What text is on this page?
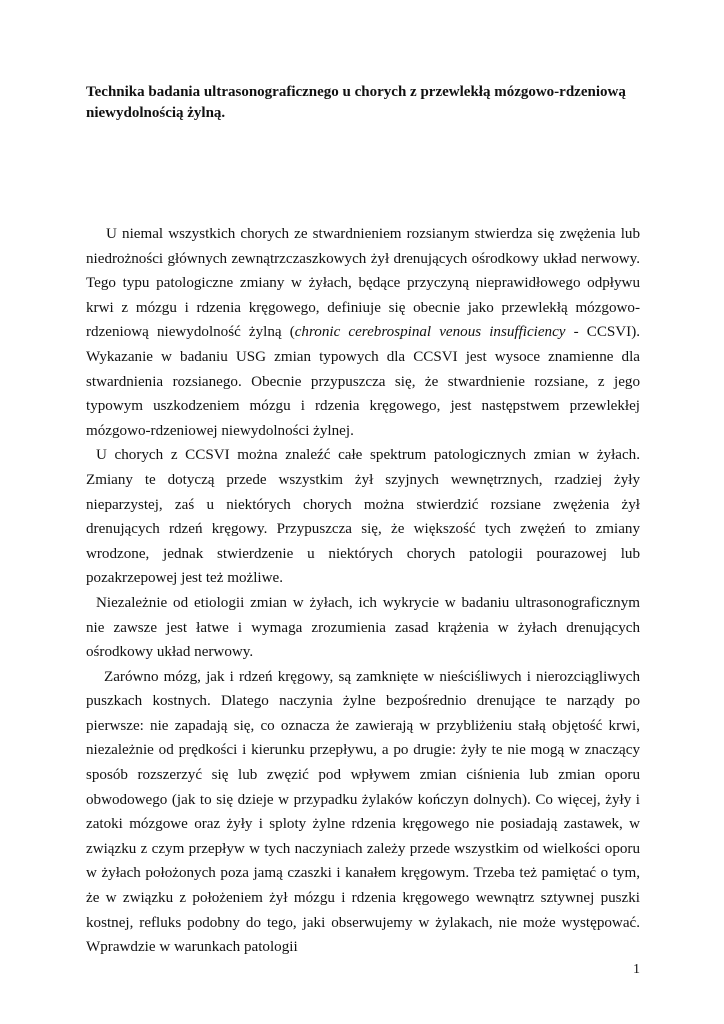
Technika badania ultrasonograficznego u chorych z przewlekłą mózgowo-rdzeniową niewydolnością żylną.

U niemal wszystkich chorych ze stwardnieniem rozsianym stwierdza się zwężenia lub niedrożności głównych zewnątrzczaszkowych żył drenujących ośrodkowy układ nerwowy. Tego typu patologiczne zmiany w żyłach, będące przyczyną nieprawidłowego odpływu krwi z mózgu i rdzenia kręgowego, definiuje się obecnie jako przewlekłą mózgowo-rdzeniową niewydolność żylną (chronic cerebrospinal venous insufficiency - CCSVI). Wykazanie w badaniu USG zmian typowych dla CCSVI jest wysoce znamienne dla stwardnienia rozsianego. Obecnie przypuszcza się, że stwardnienie rozsiane, z jego typowym uszkodzeniem mózgu i rdzenia kręgowego, jest następstwem przewlekłej mózgowo-rdzeniowej niewydolności żylnej.

U chorych z CCSVI można znaleźć całe spektrum patologicznych zmian w żyłach. Zmiany te dotyczą przede wszystkim żył szyjnych wewnętrznych, rzadziej żyły nieparzystej, zaś u niektórych chorych można stwierdzić rozsiane zwężenia żył drenujących rdzeń kręgowy. Przypuszcza się, że większość tych zwężeń to zmiany wrodzone, jednak stwierdzenie u niektórych chorych patologii pourazowej lub pozakrzepowej jest też możliwe.

Niezależnie od etiologii zmian w żyłach, ich wykrycie w badaniu ultrasonograficznym nie zawsze jest łatwe i wymaga zrozumienia zasad krążenia w żyłach drenujących ośrodkowy układ nerwowy.

Zarówno mózg, jak i rdzeń kręgowy, są zamknięte w nieściśliwych i nierozciągliwych puszkach kostnych. Dlatego naczynia żylne bezpośrednio drenujące te narządy po pierwsze: nie zapadają się, co oznacza że zawierają w przybliżeniu stałą objętość krwi, niezależnie od prędkości i kierunku przepływu, a po drugie: żyły te nie mogą w znaczący sposób rozszerzyć się lub zwęzić pod wpływem zmian ciśnienia lub zmian oporu obwodowego (jak to się dzieje w przypadku żylaków kończyn dolnych). Co więcej, żyły i zatoki mózgowe oraz żyły i sploty żylne rdzenia kręgowego nie posiadają zastawek, w związku z czym przepływ w tych naczyniach zależy przede wszystkim od wielkości oporu w żyłach położonych poza jamą czaszki i kanałem kręgowym. Trzeba też pamiętać o tym, że w związku z położeniem żył mózgu i rdzenia kręgowego wewnątrz sztywnej puszki kostnej, refluks podobny do tego, jaki obserwujemy w żylakach, nie może występować. Wprawdzie w warunkach patologii

1
